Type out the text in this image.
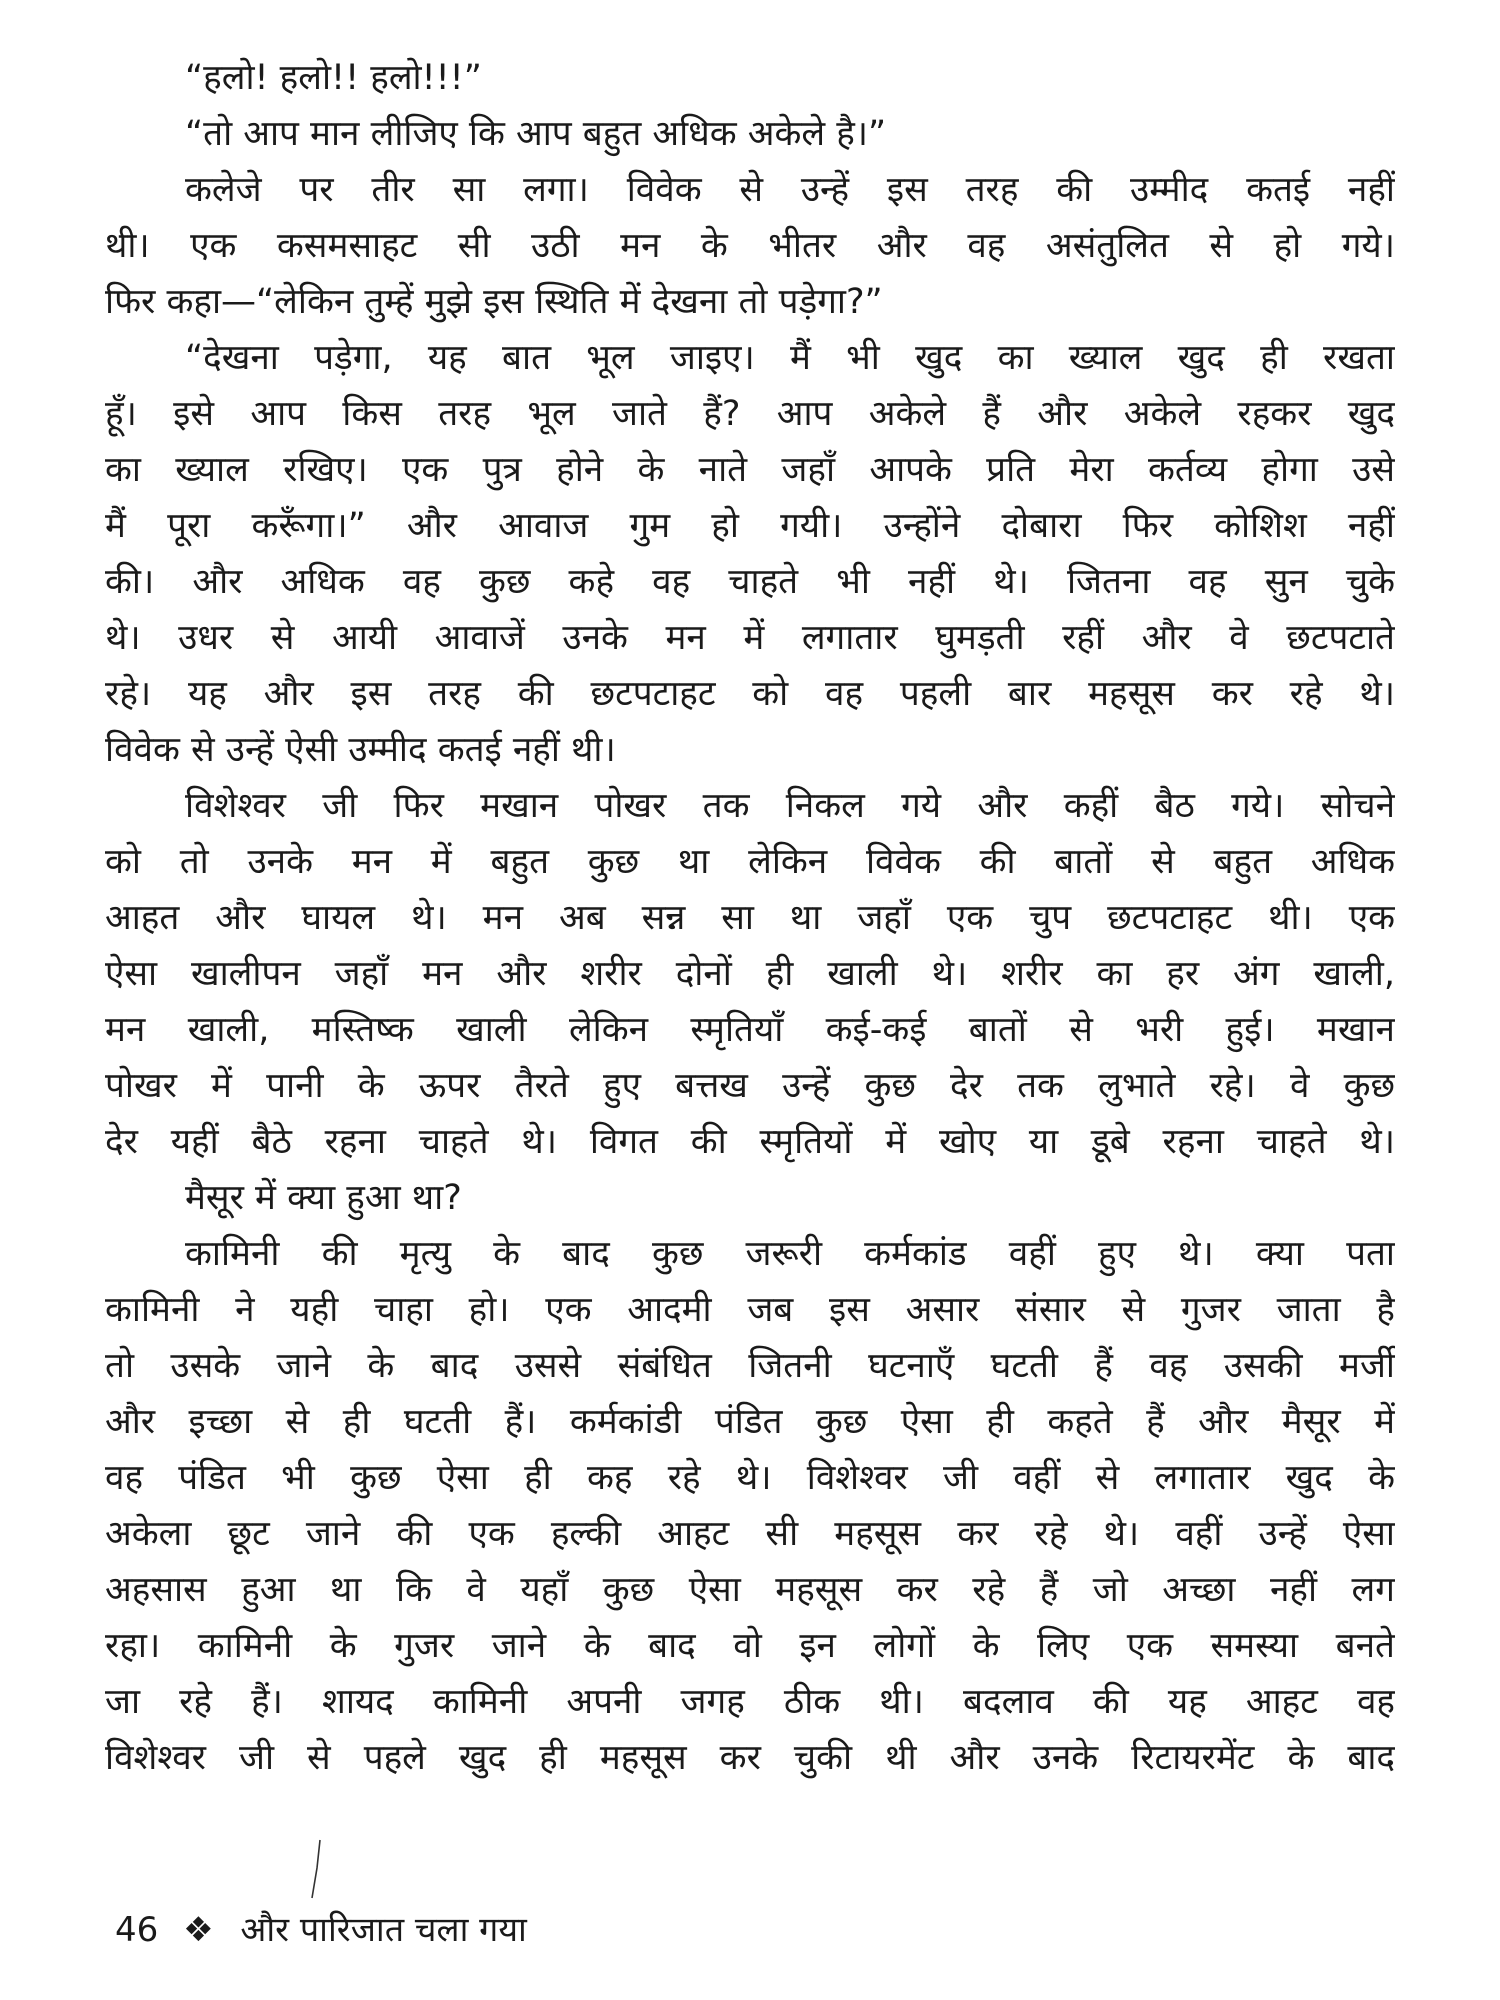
“हलो! हलो!! हलो!!!”
“तो आप मान लीजिए कि आप बहुत अधिक अकेले है।”
कलेजे पर तीर सा लगा। विवेक से उन्हें इस तरह की उम्मीद कतई नहीं
थी। एक कसमसाहट सी उठी मन के भीतर और वह असंतुलित से हो गये।
फिर कहा—“लेकिन तुम्हें मुझे इस स्थिति में देखना तो पड़ेगा?”
“देखना पड़ेगा, यह बात भूल जाइए। मैं भी खुद का ख्याल खुद ही रखता
हूँ। इसे आप किस तरह भूल जाते हैं? आप अकेले हैं और अकेले रहकर खुद
का ख्याल रखिए। एक पुत्र होने के नाते जहाँ आपके प्रति मेरा कर्तव्य होगा उसे
मैं पूरा करूँगा।” और आवाज गुम हो गयी। उन्होंने दोबारा फिर कोशिश नहीं
की। और अधिक वह कुछ कहे वह चाहते भी नहीं थे। जितना वह सुन चुके
थे। उधर से आयी आवाजें उनके मन में लगातार घुमड़ती रहीं और वे छटपटाते
रहे। यह और इस तरह की छटपटाहट को वह पहली बार महसूस कर रहे थे।
विवेक से उन्हें ऐसी उम्मीद कतई नहीं थी।
विशेश्वर जी फिर मखान पोखर तक निकल गये और कहीं बैठ गये। सोचने
को तो उनके मन में बहुत कुछ था लेकिन विवेक की बातों से बहुत अधिक
आहत और घायल थे। मन अब सन्न सा था जहाँ एक चुप छटपटाहट थी। एक
ऐसा खालीपन जहाँ मन और शरीर दोनों ही खाली थे। शरीर का हर अंग खाली,
मन खाली, मस्तिष्क खाली लेकिन स्मृतियाँ कई-कई बातों से भरी हुई। मखान
पोखर में पानी के ऊपर तैरते हुए बत्तख उन्हें कुछ देर तक लुभाते रहे। वे कुछ
देर यहीं बैठे रहना चाहते थे। विगत की स्मृतियों में खोए या डूबे रहना चाहते थे।
मैसूर में क्या हुआ था?
कामिनी की मृत्यु के बाद कुछ जरूरी कर्मकांड वहीं हुए थे। क्या पता
कामिनी ने यही चाहा हो। एक आदमी जब इस असार संसार से गुजर जाता है
तो उसके जाने के बाद उससे संबंधित जितनी घटनाएँ घटती हैं वह उसकी मर्जी
और इच्छा से ही घटती हैं। कर्मकांडी पंडित कुछ ऐसा ही कहते हैं और मैसूर में
वह पंडित भी कुछ ऐसा ही कह रहे थे। विशेश्वर जी वहीं से लगातार खुद के
अकेला छूट जाने की एक हल्की आहट सी महसूस कर रहे थे। वहीं उन्हें ऐसा
अहसास हुआ था कि वे यहाँ कुछ ऐसा महसूस कर रहे हैं जो अच्छा नहीं लग
रहा। कामिनी के गुजर जाने के बाद वो इन लोगों के लिए एक समस्या बनते
जा रहे हैं। शायद कामिनी अपनी जगह ठीक थी। बदलाव की यह आहट वह
विशेश्वर जी से पहले खुद ही महसूस कर चुकी थी और उनके रिटायरमेंट के बाद
46 ❖ और पारिजात चला गया
